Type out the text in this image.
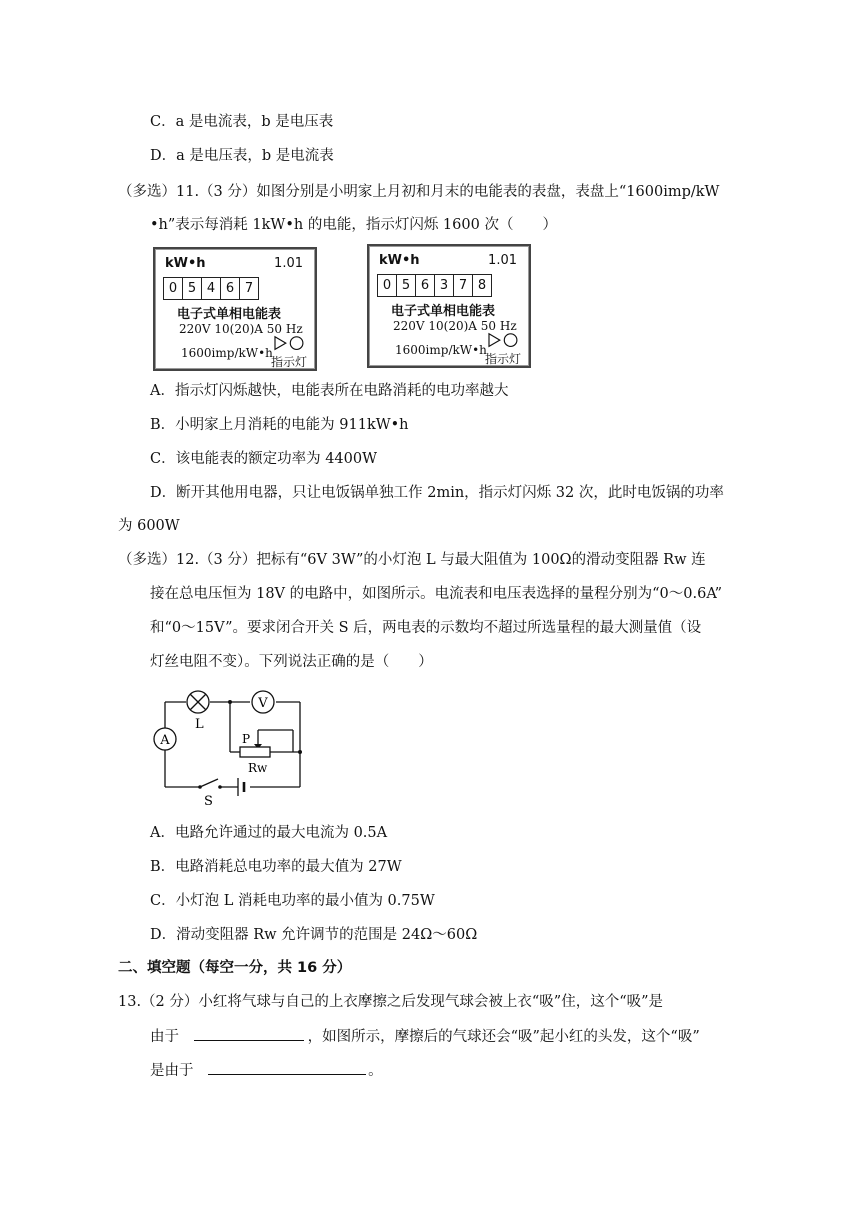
C．a 是电流表，b 是电压表
D．a 是电压表，b 是电流表
（多选）11.（3 分）如图分别是小明家上月初和月末的电能表的表盘，表盘上“1600imp/kW
•h”表示每消耗 1kW•h 的电能，指示灯闪烁 1600 次（　　）
kW•h	1.01
0 5 4 6 7
电子式单相电能表
220V 10(20)A 50 Hz
1600imp/kW•h
指示灯
kW•h	1.01
0 5 6 3 7 8
电子式单相电能表
220V 10(20)A 50 Hz
1600imp/kW•h
指示灯
A．指示灯闪烁越快，电能表所在电路消耗的电功率越大
B．小明家上月消耗的电能为 911kW•h
C．该电能表的额定功率为 4400W
D．断开其他用电器，只让电饭锅单独工作 2min，指示灯闪烁 32 次，此时电饭锅的功率
为 600W
（多选）12.（3 分）把标有“6V 3W”的小灯泡 L 与最大阻值为 100Ω的滑动变阻器 Rw 连
接在总电压恒为 18V 的电路中，如图所示。电流表和电压表选择的量程分别为“0～0.6A”
和“0～15V”。要求闭合开关 S 后，两电表的示数均不超过所选量程的最大测量值（设
灯丝电阻不变）。下列说法正确的是（　　）
V
A
L
P
Rw
S
A．电路允许通过的最大电流为 0.5A
B．电路消耗总电功率的最大值为 27W
C．小灯泡 L 消耗电功率的最小值为 0.75W
D．滑动变阻器 Rw 允许调节的范围是 24Ω～60Ω
二、填空题（每空一分，共 16 分）
13.（2 分）小红将气球与自己的上衣摩擦之后发现气球会被上衣“吸”住，这个“吸”是
由于	，如图所示，摩擦后的气球还会“吸”起小红的头发，这个“吸”
是由于	。
